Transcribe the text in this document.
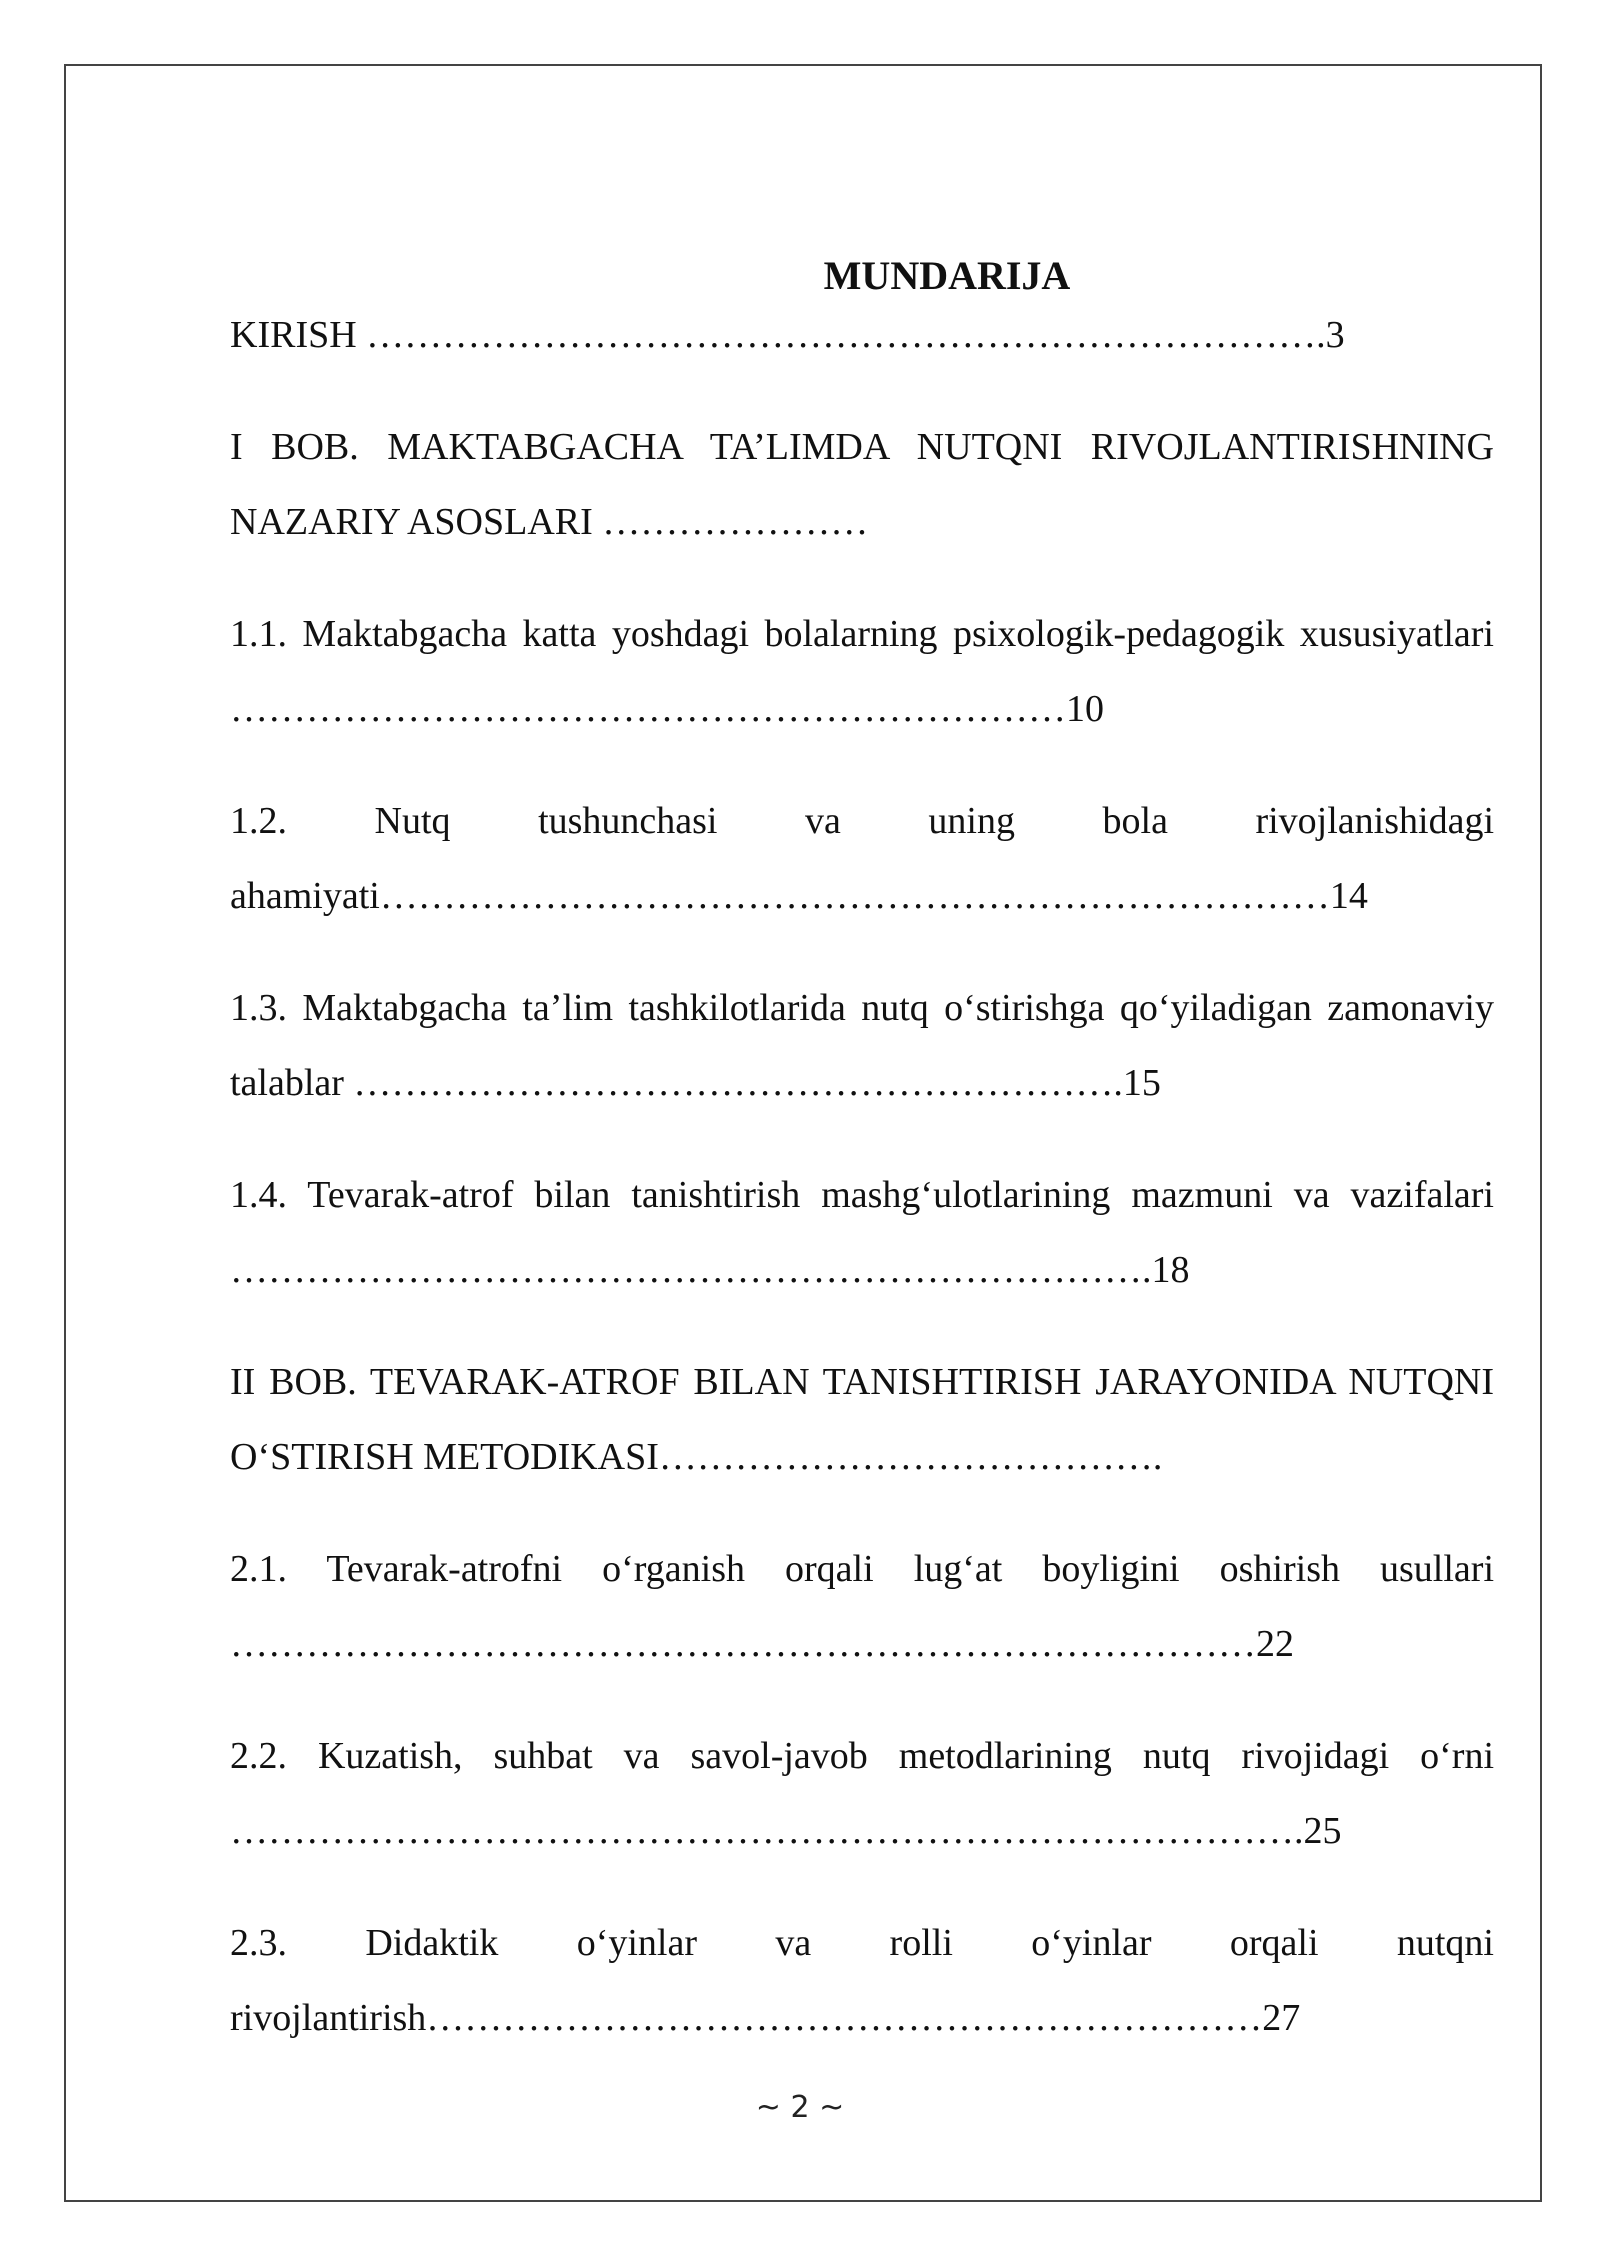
MUNDARIJA

KIRISH ………………………………………………………………….3

I BOB. MAKTABGACHA TA’LIMDA NUTQNI RIVOJLANTIRISHNING NAZARIY ASOSLARI …………………

1.1. Maktabgacha katta yoshdagi bolalarning psixologik-pedagogik xususiyatlari …………………………………………………………10

1.2. Nutq tushunchasi va uning bola rivojlanishidagi ahamiyati…………………………………………………………………14

1.3. Maktabgacha ta’lim tashkilotlarida nutq o‘stirishga qo‘yiladigan zamonaviy talablar …………………………………………………….15

1.4. Tevarak-atrof bilan tanishtirish mashg‘ulotlarining mazmuni va vazifalari ……………………………………………………………….18

II BOB. TEVARAK-ATROF BILAN TANISHTIRISH JARAYONIDA NUTQNI O‘STIRISH METODIKASI………………………………….

2.1. Tevarak-atrofni o‘rganish orqali lug‘at boyligini oshirish usullari ………………………………………………………………………22

2.2. Kuzatish, suhbat va savol-javob metodlarining nutq rivojidagi o‘rni ………………………………………………………………………….25

2.3. Didaktik o‘yinlar va rolli o‘yinlar orqali nutqni rivojlantirish…………………………………………………………27

~ 2 ~
